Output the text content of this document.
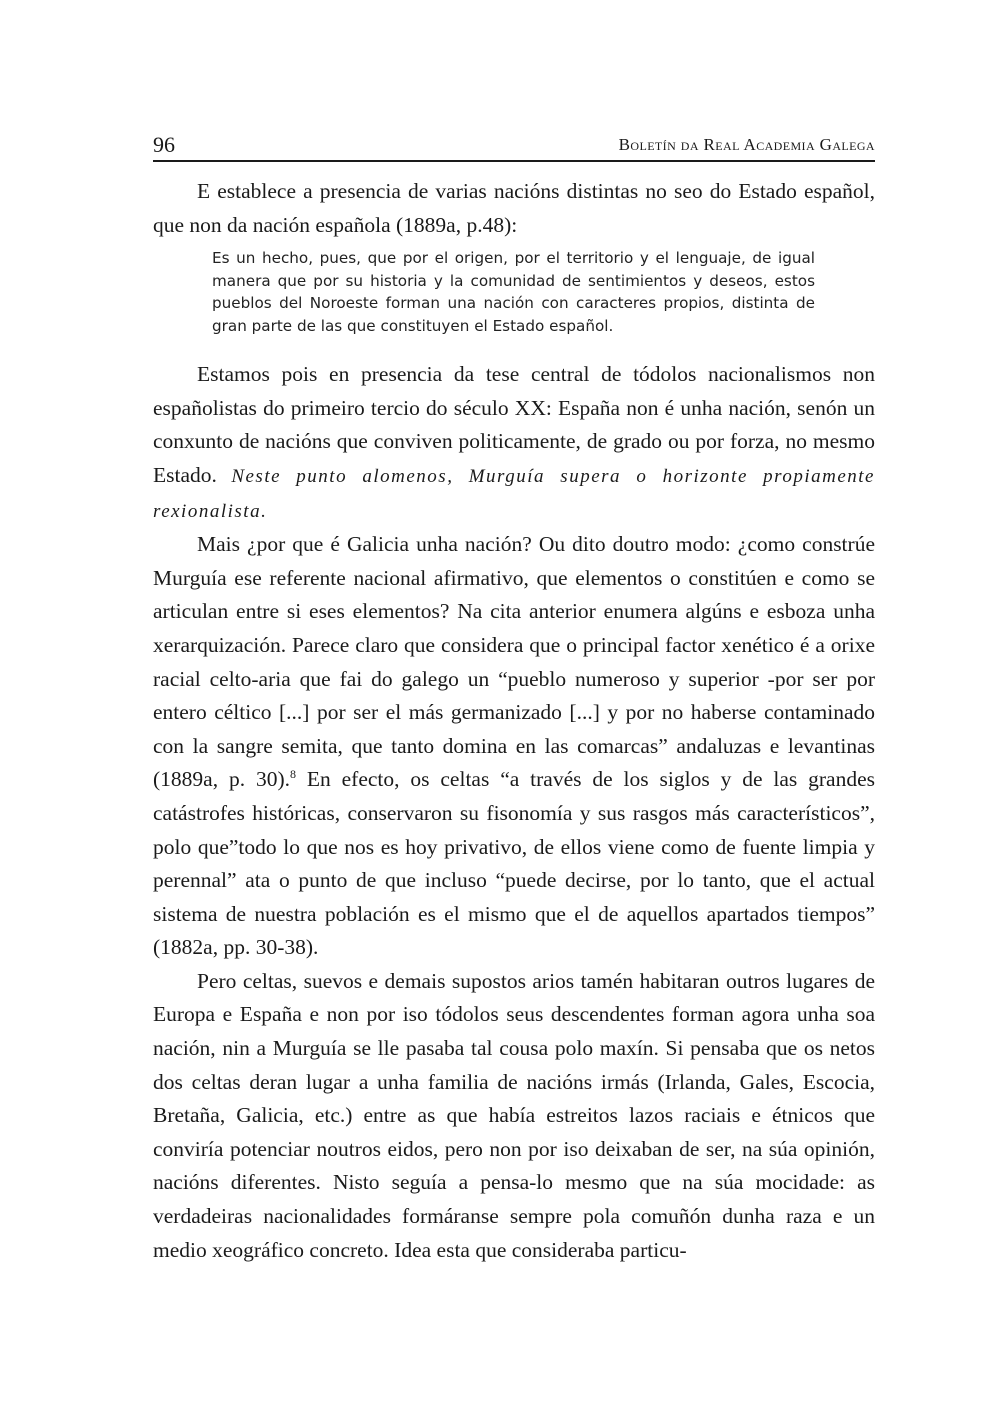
96	Boletín da Real Academia Galega

E establece a presencia de varias nacións distintas no seo do Estado español, que non da nación española (1889a, p.48):

Es un hecho, pues, que por el origen, por el territorio y el lenguaje, de igual manera que por su historia y la comunidad de sentimientos y deseos, estos pueblos del Noroeste forman una nación con caracteres propios, distinta de gran parte de las que constituyen el Estado español.

Estamos pois en presencia da tese central de tódolos nacionalismos non españolistas do primeiro tercio do século XX: España non é unha nación, senón un conxunto de nacións que conviven politicamente, de grado ou por forza, no mesmo Estado. Neste punto alomenos, Murguía supera o horizonte propiamente rexionalista.

Mais ¿por que é Galicia unha nación? Ou dito doutro modo: ¿como constrúe Murguía ese referente nacional afirmativo, que elementos o constitúen e como se articulan entre si eses elementos? Na cita anterior enumera algúns e esboza unha xerarquización. Parece claro que considera que o principal factor xenético é a orixe racial celto-aria que fai do galego un “pueblo numeroso y superior -por ser por entero céltico [...] por ser el más germanizado [...] y por no haberse contaminado con la sangre semita, que tanto domina en las comarcas” andaluzas e levantinas (1889a, p. 30).$^8$ En efecto, os celtas “a través de los siglos y de las grandes catástrofes históricas, conservaron su fisonomía y sus rasgos más característicos”, polo que”todo lo que nos es hoy privativo, de ellos viene como de fuente limpia y perennal” ata o punto de que incluso “puede decirse, por lo tanto, que el actual sistema de nuestra población es el mismo que el de aquellos apartados tiempos” (1882a, pp. 30-38).

Pero celtas, suevos e demais supostos arios tamén habitaran outros lugares de Europa e España e non por iso tódolos seus descendentes forman agora unha soa nación, nin a Murguía se lle pasaba tal cousa polo maxín. Si pensaba que os netos dos celtas deran lugar a unha familia de nacións irmás (Irlanda, Gales, Escocia, Bretaña, Galicia, etc.) entre as que había estreitos lazos raciais e étnicos que conviría potenciar noutros eidos, pero non por iso deixaban de ser, na súa opinión, nacións diferentes. Nisto seguía a pensa-lo mesmo que na súa mocidade: as verdadeiras nacionalidades formáranse sempre pola comuñón dunha raza e un medio xeográfico concreto. Idea esta que consideraba particu-
